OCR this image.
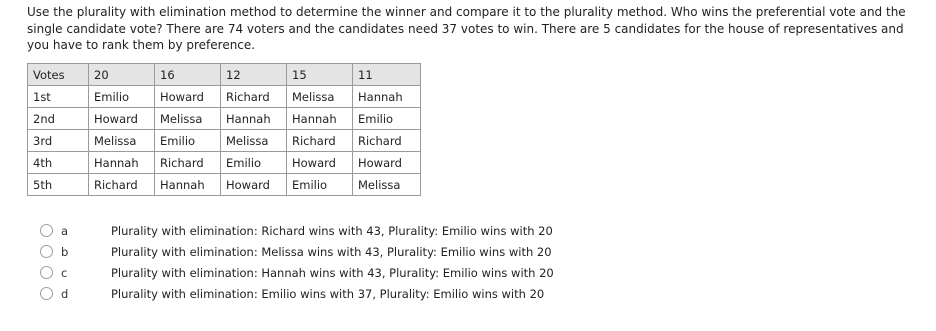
Use the plurality with elimination method to determine the winner and compare it to the plurality method. Who wins the preferential vote and the single candidate vote? There are 74 voters and the candidates need 37 votes to win. There are 5 candidates for the house of representatives and you have to rank them by preference.
Votes	20	16	12	15	11
1st	Emilio	Howard	Richard	Melissa	Hannah
2nd	Howard	Melissa	Hannah	Hannah	Emilio
3rd	Melissa	Emilio	Melissa	Richard	Richard
4th	Hannah	Richard	Emilio	Howard	Howard
5th	Richard	Hannah	Howard	Emilio	Melissa
a	Plurality with elimination: Richard wins with 43, Plurality: Emilio wins with 20
b	Plurality with elimination: Melissa wins with 43, Plurality: Emilio wins with 20
c	Plurality with elimination: Hannah wins with 43, Plurality: Emilio wins with 20
d	Plurality with elimination: Emilio wins with 37, Plurality: Emilio wins with 20
